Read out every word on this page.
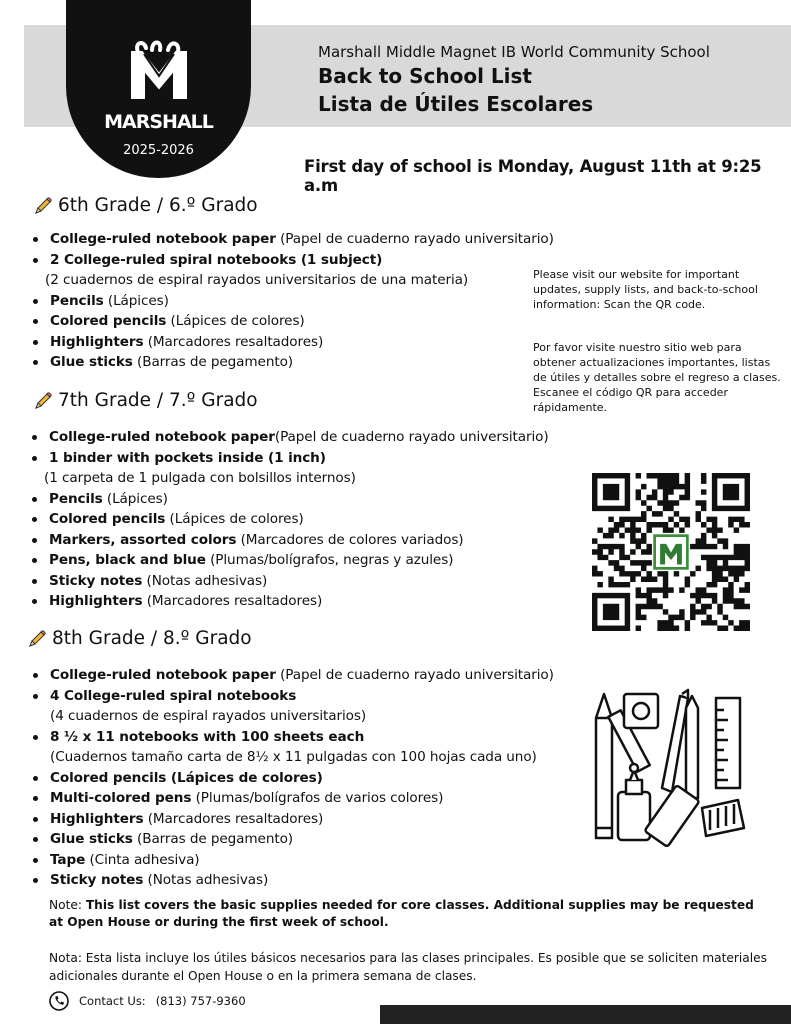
MARSHALL
2025-2026
Marshall Middle Magnet IB World Community School
Back to School List
Lista de Útiles Escolares
First day of school is Monday, August 11th at 9:25 a.m
6th Grade / 6.º Grado
College-ruled notebook paper (Papel de cuaderno rayado universitario)
2 College-ruled spiral notebooks (1 subject)
(2 cuadernos de espiral rayados universitarios de una materia)
Pencils (Lápices)
Colored pencils (Lápices de colores)
Highlighters (Marcadores resaltadores)
Glue sticks (Barras de pegamento)
7th Grade / 7.º Grado
College-ruled notebook paper(Papel de cuaderno rayado universitario)
1 binder with pockets inside (1 inch)
(1 carpeta de 1 pulgada con bolsillos internos)
Pencils (Lápices)
Colored pencils (Lápices de colores)
Markers, assorted colors (Marcadores de colores variados)
Pens, black and blue (Plumas/bolígrafos, negras y azules)
Sticky notes (Notas adhesivas)
Highlighters (Marcadores resaltadores)
8th Grade / 8.º Grado
College-ruled notebook paper (Papel de cuaderno rayado universitario)
4 College-ruled spiral notebooks
(4 cuadernos de espiral rayados universitarios)
8 ½ x 11 notebooks with 100 sheets each
(Cuadernos tamaño carta de 8½ x 11 pulgadas con 100 hojas cada uno)
Colored pencils (Lápices de colores)
Multi-colored pens (Plumas/bolígrafos de varios colores)
Highlighters (Marcadores resaltadores)
Glue sticks (Barras de pegamento)
Tape (Cinta adhesiva)
Sticky notes (Notas adhesivas)
Please visit our website for important updates, supply lists, and back-to-school information: Scan the QR code.
Por favor visite nuestro sitio web para obtener actualizaciones importantes, listas de útiles y detalles sobre el regreso a clases. Escanee el código QR para acceder rápidamente.
Note: This list covers the basic supplies needed for core classes. Additional supplies may be requested at Open House or during the first week of school.
Nota: Esta lista incluye los útiles básicos necesarios para las clases principales. Es posible que se soliciten materiales adicionales durante el Open House o en la primera semana de clases.
Contact Us: (813) 757-9360
